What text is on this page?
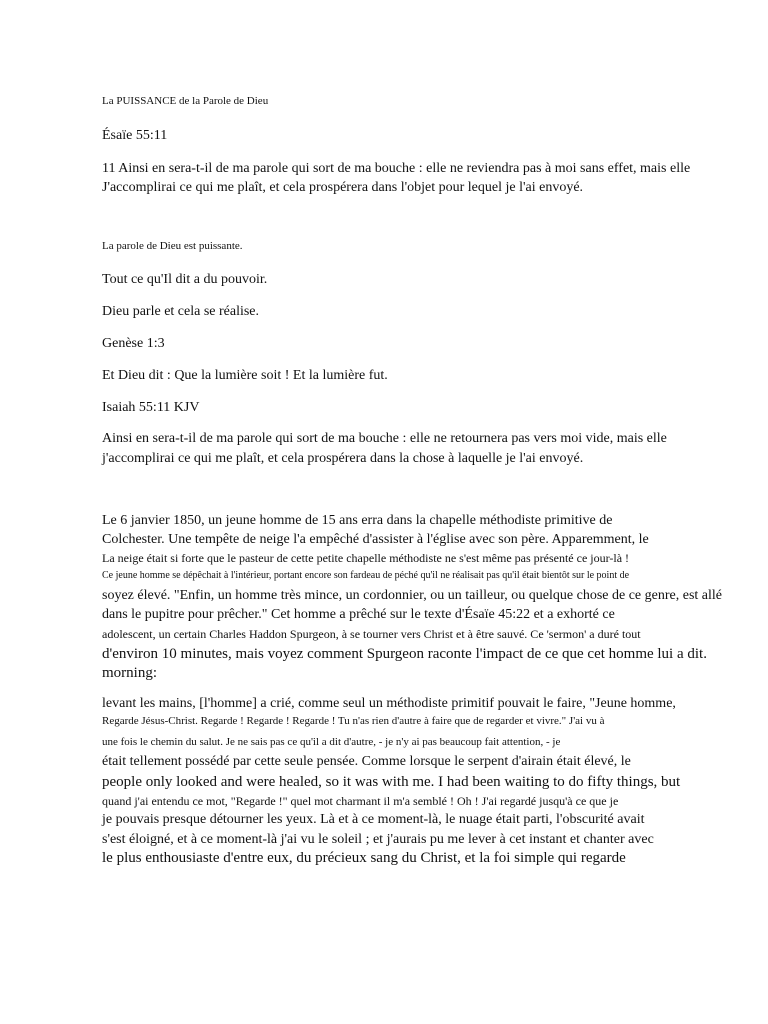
La PUISSANCE de la Parole de Dieu
Ésaïe 55:11
11 Ainsi en sera-t-il de ma parole qui sort de ma bouche : elle ne reviendra pas à moi sans effet, mais elle
J'accomplirai ce qui me plaît, et cela prospérera dans l'objet pour lequel je l'ai envoyé.
La parole de Dieu est puissante.
Tout ce qu'Il dit a du pouvoir.
Dieu parle et cela se réalise.
Genèse 1:3
Et Dieu dit : Que la lumière soit ! Et la lumière fut.
Isaiah 55:11 KJV
Ainsi en sera-t-il de ma parole qui sort de ma bouche : elle ne retournera pas vers moi vide, mais elle
j'accomplirai ce qui me plaît, et cela prospérera dans la chose à laquelle je l'ai envoyé.
Le 6 janvier 1850, un jeune homme de 15 ans erra dans la chapelle méthodiste primitive de
Colchester. Une tempête de neige l'a empêché d'assister à l'église avec son père. Apparemment, le
La neige était si forte que le pasteur de cette petite chapelle méthodiste ne s'est même pas présenté ce jour-là !
Ce jeune homme se dépêchait à l'intérieur, portant encore son fardeau de péché qu'il ne réalisait pas qu'il était bientôt sur le point de
soyez élevé. "Enfin, un homme très mince, un cordonnier, ou un tailleur, ou quelque chose de ce genre, est allé
dans le pupitre pour prêcher." Cet homme a prêché sur le texte d'Ésaïe 45:22 et a exhorté ce
adolescent, un certain Charles Haddon Spurgeon, à se tourner vers Christ et à être sauvé. Ce 'sermon' a duré tout
d'environ 10 minutes, mais voyez comment Spurgeon raconte l'impact de ce que cet homme lui a dit.
morning:
levant les mains, [l'homme] a crié, comme seul un méthodiste primitif pouvait le faire, "Jeune homme,
Regarde Jésus-Christ. Regarde ! Regarde ! Regarde ! Tu n'as rien d'autre à faire que de regarder et vivre." J'ai vu à
une fois le chemin du salut. Je ne sais pas ce qu'il a dit d'autre, - je n'y ai pas beaucoup fait attention, - je
était tellement possédé par cette seule pensée. Comme lorsque le serpent d'airain était élevé, le
people only looked and were healed, so it was with me. I had been waiting to do fifty things, but
quand j'ai entendu ce mot, "Regarde !" quel mot charmant il m'a semblé ! Oh ! J'ai regardé jusqu'à ce que je
je pouvais presque détourner les yeux. Là et à ce moment-là, le nuage était parti, l'obscurité avait
s'est éloigné, et à ce moment-là j'ai vu le soleil ; et j'aurais pu me lever à cet instant et chanter avec
le plus enthousiaste d'entre eux, du précieux sang du Christ, et la foi simple qui regarde
